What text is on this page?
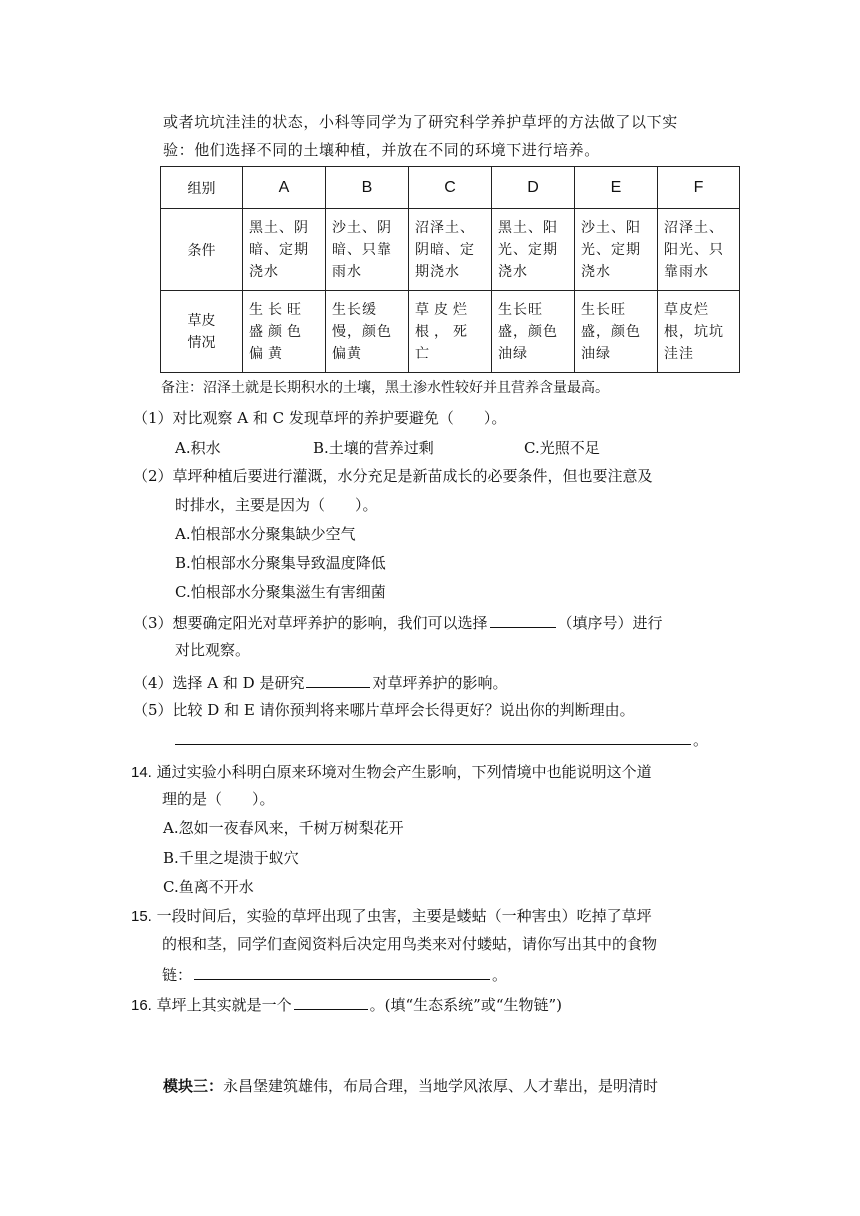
或者坑坑洼洼的状态，小科等同学为了研究科学养护草坪的方法做了以下实
验：他们选择不同的土壤种植，并放在不同的环境下进行培养。
组别	A	B	C	D	E	F
条件	黑土、阴暗、定期浇水	沙土、阴暗、只靠雨水	沼泽土、阴暗、定期浇水	黑土、阳光、定期浇水	沙土、阳光、定期浇水	沼泽土、阳光、只靠雨水
草皮
情况	生长旺盛颜色偏黄	生长缓慢，颜色偏黄	草皮烂根，死亡	生长旺盛，颜色油绿	生长旺盛，颜色油绿	草皮烂根，坑坑洼洼
备注：沼泽土就是长期积水的土壤，黑土渗水性较好并且营养含量最高。
（1）对比观察 A 和 C 发现草坪的养护要避免（　　）。
A.积水	B.土壤的营养过剩	C.光照不足
（2）草坪种植后要进行灌溉，水分充足是新苗成长的必要条件，但也要注意及
时排水，主要是因为（　　）。
A.怕根部水分聚集缺少空气
B.怕根部水分聚集导致温度降低
C.怕根部水分聚集滋生有害细菌
（3）想要确定阳光对草坪养护的影响，我们可以选择	（填序号）进行
对比观察。
（4）选择 A 和 D 是研究	对草坪养护的影响。
（5）比较 D 和 E 请你预判将来哪片草坪会长得更好？说出你的判断理由。
。
14. 通过实验小科明白原来环境对生物会产生影响，下列情境中也能说明这个道
理的是（　　）。
A.忽如一夜春风来，千树万树梨花开
B.千里之堤溃于蚁穴
C.鱼离不开水
15. 一段时间后，实验的草坪出现了虫害，主要是蝼蛄（一种害虫）吃掉了草坪
的根和茎，同学们查阅资料后决定用鸟类来对付蝼蛄，请你写出其中的食物
链：	。
16. 草坪上其实就是一个	。(填“生态系统”或“生物链”)
模块三：永昌堡建筑雄伟，布局合理，当地学风浓厚、人才辈出，是明清时
